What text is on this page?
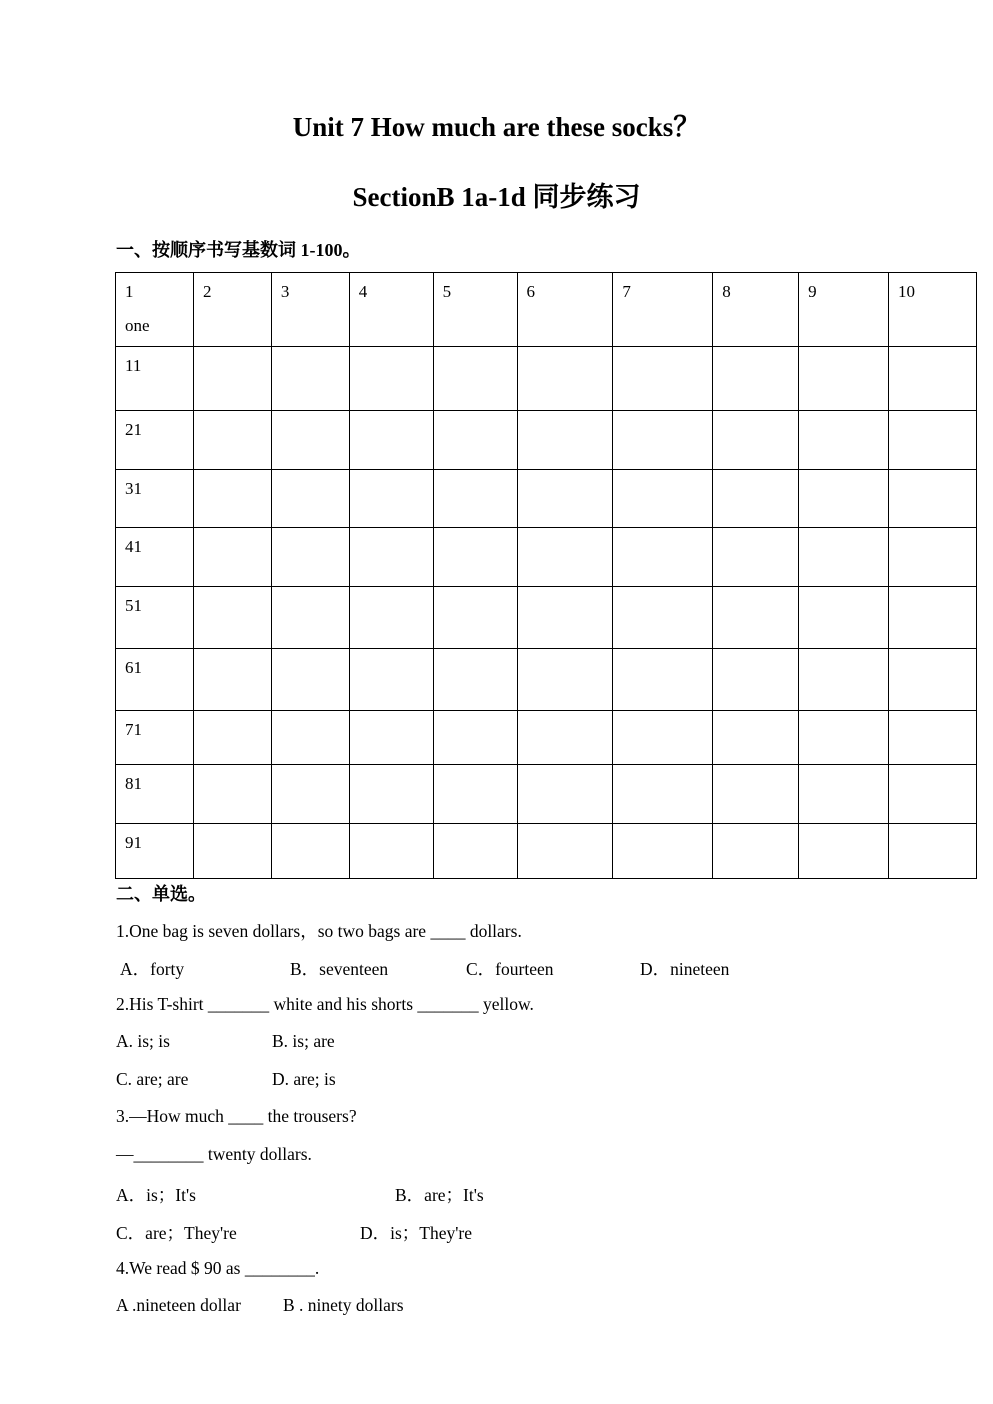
Unit 7 How much are these socks？
SectionB 1a-1d 同步练习

一、按顺序书写基数词 1-100。

1
one	2	3	4	5	6	7	8	9	10
11									
21									
31									
41									
51									
61									
71									
81									
91									

二、单选。

1.One bag is seven dollars，so two bags are ____ dollars.

A．forty	B．seventeen	C．fourteen	D．nineteen

2.His T-shirt _______ white and his shorts _______ yellow.

A. is; is	B. is; are

C. are; are	D. are; is

3.—How much ____ the trousers?

—________ twenty dollars.

A．is；It's	B．are；It's

C．are；They're	D．is；They're

4.We read $ 90 as ________.

A .nineteen dollar B . ninety dollars
